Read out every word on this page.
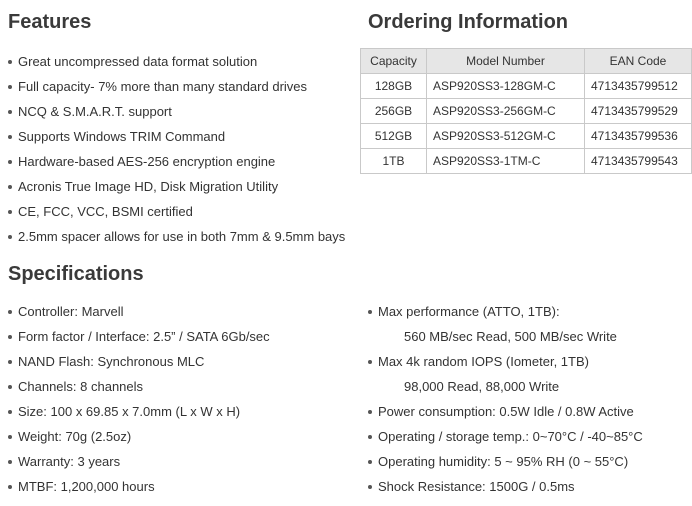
Features
Great uncompressed data format solution
Full capacity- 7% more than many standard drives
NCQ & S.M.A.R.T. support
Supports Windows TRIM Command
Hardware-based AES-256 encryption engine
Acronis True Image HD, Disk Migration Utility
CE, FCC, VCC, BSMI certified
2.5mm spacer allows for use in both 7mm & 9.5mm bays
Ordering Information
Capacity	Model Number	EAN Code
128GB	ASP920SS3-128GM-C	4713435799512
256GB	ASP920SS3-256GM-C	4713435799529
512GB	ASP920SS3-512GM-C	4713435799536
1TB	ASP920SS3-1TM-C	4713435799543
Specifications
Controller: Marvell
Form factor / Interface: 2.5” / SATA 6Gb/sec
NAND Flash: Synchronous MLC
Channels: 8 channels
Size: 100 x 69.85 x 7.0mm (L x W x H)
Weight: 70g (2.5oz)
Warranty: 3 years
MTBF: 1,200,000 hours
Max performance (ATTO, 1TB):
560 MB/sec Read, 500 MB/sec Write
Max 4k random IOPS (Iometer, 1TB)
98,000 Read, 88,000 Write
Power consumption: 0.5W Idle / 0.8W Active
Operating / storage temp.: 0~70°C / -40~85°C
Operating humidity: 5 ~ 95% RH (0 ~ 55°C)
Shock Resistance: 1500G / 0.5ms
